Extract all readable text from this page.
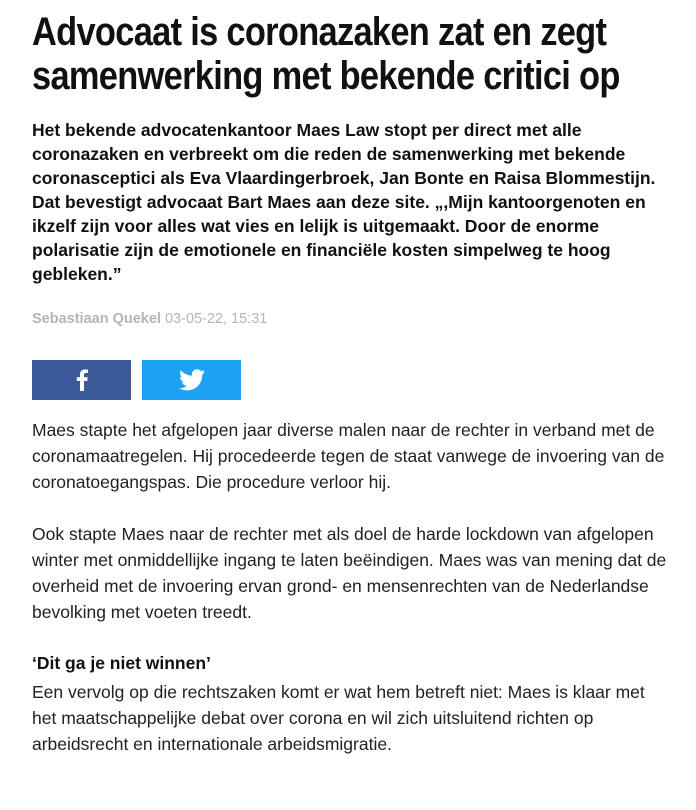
Advocaat is coronazaken zat en zegt samenwerking met bekende critici op

Het bekende advocatenkantoor Maes Law stopt per direct met alle coronazaken en verbreekt om die reden de samenwerking met bekende coronasceptici als Eva Vlaardingerbroek, Jan Bonte en Raisa Blommestijn. Dat bevestigt advocaat Bart Maes aan deze site. „,Mijn kantoorgenoten en ikzelf zijn voor alles wat vies en lelijk is uitgemaakt. Door de enorme polarisatie zijn de emotionele en financiële kosten simpelweg te hoog gebleken.”

Sebastiaan Quekel 03-05-22, 15:31

Maes stapte het afgelopen jaar diverse malen naar de rechter in verband met de coronamaatregelen. Hij procedeerde tegen de staat vanwege de invoering van de coronatoegangspas. Die procedure verloor hij.

Ook stapte Maes naar de rechter met als doel de harde lockdown van afgelopen winter met onmiddellijke ingang te laten beëindigen. Maes was van mening dat de overheid met de invoering ervan grond- en mensenrechten van de Nederlandse bevolking met voeten treedt.

‘Dit ga je niet winnen’

Een vervolg op die rechtszaken komt er wat hem betreft niet: Maes is klaar met het maatschappelijke debat over corona en wil zich uitsluitend richten op arbeidsrecht en internationale arbeidsmigratie.
